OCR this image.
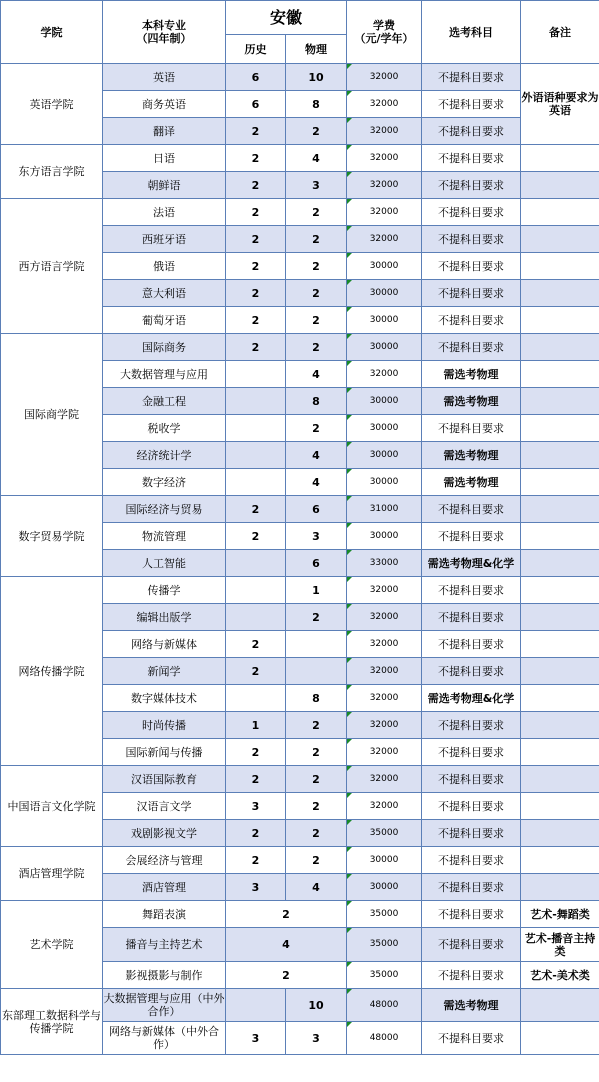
学院	本科专业
（四年制）	安徽		学费
（元/学年）	选考科目	备注
		历史	物理			
英语学院	英语	6	10	32000	不提科目要求	外语语种要求为英语
	商务英语	6	8	32000	不提科目要求	
	翻译	2	2	32000	不提科目要求	
东方语言学院	日语	2	4	32000	不提科目要求	
	朝鲜语	2	3	32000	不提科目要求	
西方语言学院	法语	2	2	32000	不提科目要求	
	西班牙语	2	2	32000	不提科目要求	
	俄语	2	2	30000	不提科目要求	
	意大利语	2	2	30000	不提科目要求	
	葡萄牙语	2	2	30000	不提科目要求	
国际商学院	国际商务	2	2	30000	不提科目要求	
	大数据管理与应用		4	32000	需选考物理	
	金融工程		8	30000	需选考物理	
	税收学		2	30000	不提科目要求	
	经济统计学		4	30000	需选考物理	
	数字经济		4	30000	需选考物理	
数字贸易学院	国际经济与贸易	2	6	31000	不提科目要求	
	物流管理	2	3	30000	不提科目要求	
	人工智能		6	33000	需选考物理&化学	
网络传播学院	传播学		1	32000	不提科目要求	
	编辑出版学		2	32000	不提科目要求	
	网络与新媒体	2		32000	不提科目要求	
	新闻学	2		32000	不提科目要求	
	数字媒体技术		8	32000	需选考物理&化学	
	时尚传播	1	2	32000	不提科目要求	
	国际新闻与传播	2	2	32000	不提科目要求	
中国语言文化学院	汉语国际教育	2	2	32000	不提科目要求	
	汉语言文学	3	2	32000	不提科目要求	
	戏剧影视文学	2	2	35000	不提科目要求	
酒店管理学院	会展经济与管理	2	2	30000	不提科目要求	
	酒店管理	3	4	30000	不提科目要求	
艺术学院	舞蹈表演	2		35000	不提科目要求	艺术-舞蹈类
	播音与主持艺术	4		35000	不提科目要求	艺术-播音主持类
	影视摄影与制作	2		35000	不提科目要求	艺术-美术类
东部理工数据科学与传播学院	大数据管理与应用（中外合作）		10	48000	需选考物理	
	网络与新媒体（中外合作）	3	3	48000	不提科目要求	
